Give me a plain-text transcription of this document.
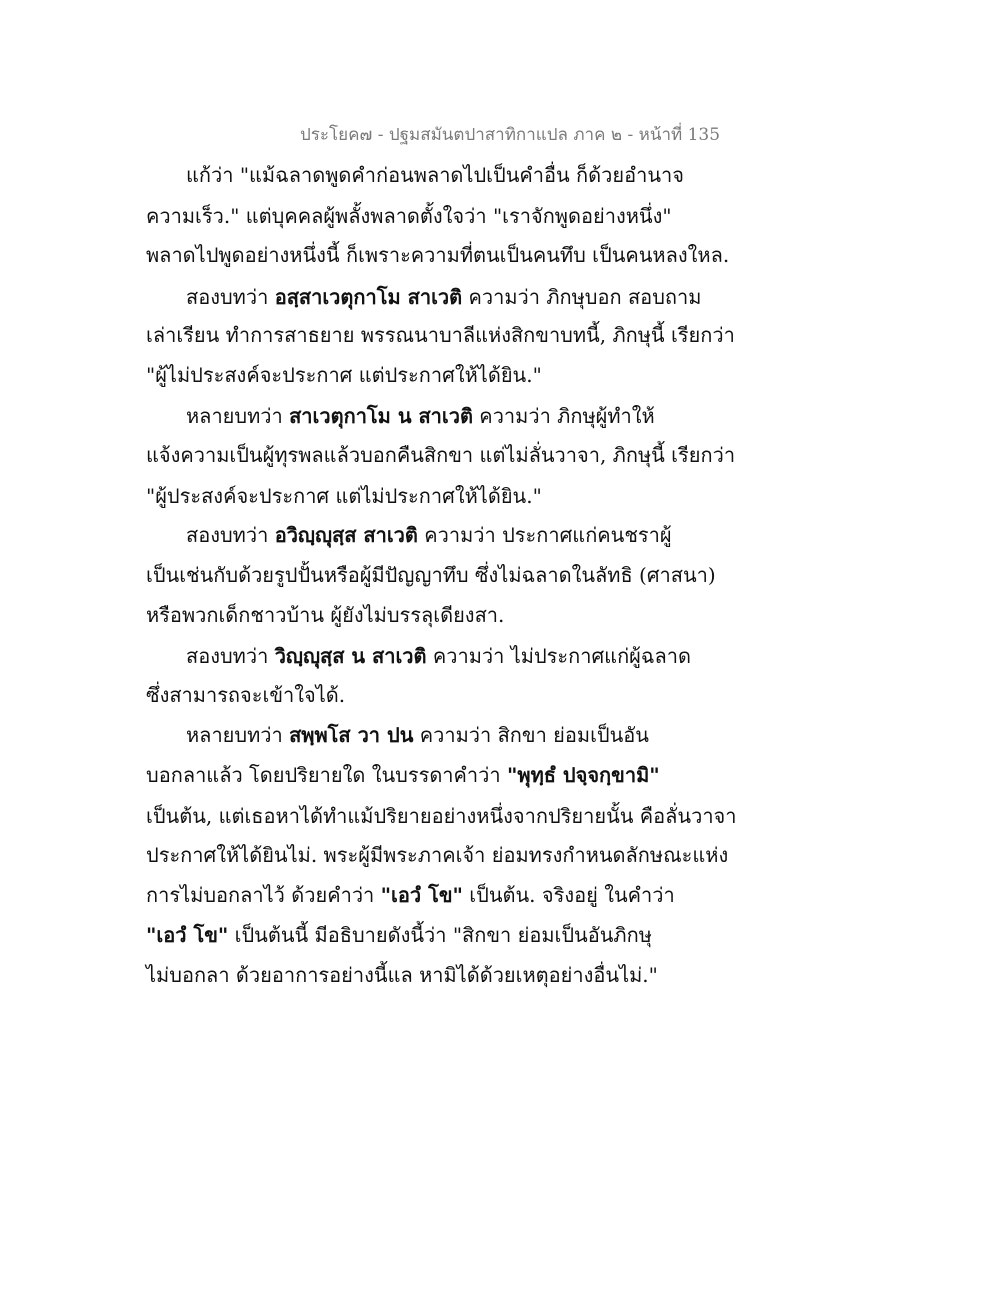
ประโยค๗ - ปฐมสมันตปาสาทิกาแปล ภาค ๒ - หน้าที่ 135
แก้ว่า "แม้ฉลาดพูดคำก่อนพลาดไปเป็นคำอื่น ก็ด้วยอำนาจ
ความเร็ว." แต่บุคคลผู้พลั้งพลาดตั้งใจว่า "เราจักพูดอย่างหนึ่ง"
พลาดไปพูดอย่างหนึ่งนี้ ก็เพราะความที่ตนเป็นคนทึบ เป็นคนหลงใหล.
สองบทว่า อสฺสาเวตุกาโม สาเวติ ความว่า ภิกษุบอก สอบถาม
เล่าเรียน ทำการสาธยาย พรรณนาบาลีแห่งสิกขาบทนี้, ภิกษุนี้ เรียกว่า
"ผู้ไม่ประสงค์จะประกาศ แต่ประกาศให้ได้ยิน."
หลายบทว่า สาเวตุกาโม น สาเวติ ความว่า ภิกษุผู้ทำให้
แจ้งความเป็นผู้ทุรพลแล้วบอกคืนสิกขา แต่ไม่ลั่นวาจา, ภิกษุนี้ เรียกว่า
"ผู้ประสงค์จะประกาศ แต่ไม่ประกาศให้ได้ยิน."
สองบทว่า อวิญฺญุสฺส สาเวติ ความว่า ประกาศแก่คนชราผู้
เป็นเช่นกับด้วยรูปปั้นหรือผู้มีปัญญาทึบ ซึ่งไม่ฉลาดในลัทธิ (ศาสนา)
หรือพวกเด็กชาวบ้าน ผู้ยังไม่บรรลุเดียงสา.
สองบทว่า วิญฺญุสฺส น สาเวติ ความว่า ไม่ประกาศแก่ผู้ฉลาด
ซึ่งสามารถจะเข้าใจได้.
หลายบทว่า สพฺพโส วา ปน ความว่า สิกขา ย่อมเป็นอัน
บอกลาแล้ว โดยปริยายใด ในบรรดาคำว่า "พุทฺธํ ปจฺจกฺขามิ"
เป็นต้น, แต่เธอหาได้ทำแม้ปริยายอย่างหนึ่งจากปริยายนั้น คือลั่นวาจา
ประกาศให้ได้ยินไม่. พระผู้มีพระภาคเจ้า ย่อมทรงกำหนดลักษณะแห่ง
การไม่บอกลาไว้ ด้วยคำว่า "เอวํ โข" เป็นต้น. จริงอยู่ ในคำว่า
"เอวํ โข" เป็นต้นนี้ มีอธิบายดังนี้ว่า "สิกขา ย่อมเป็นอันภิกษุ
ไม่บอกลา ด้วยอาการอย่างนี้แล หามิได้ด้วยเหตุอย่างอื่นไม่."
